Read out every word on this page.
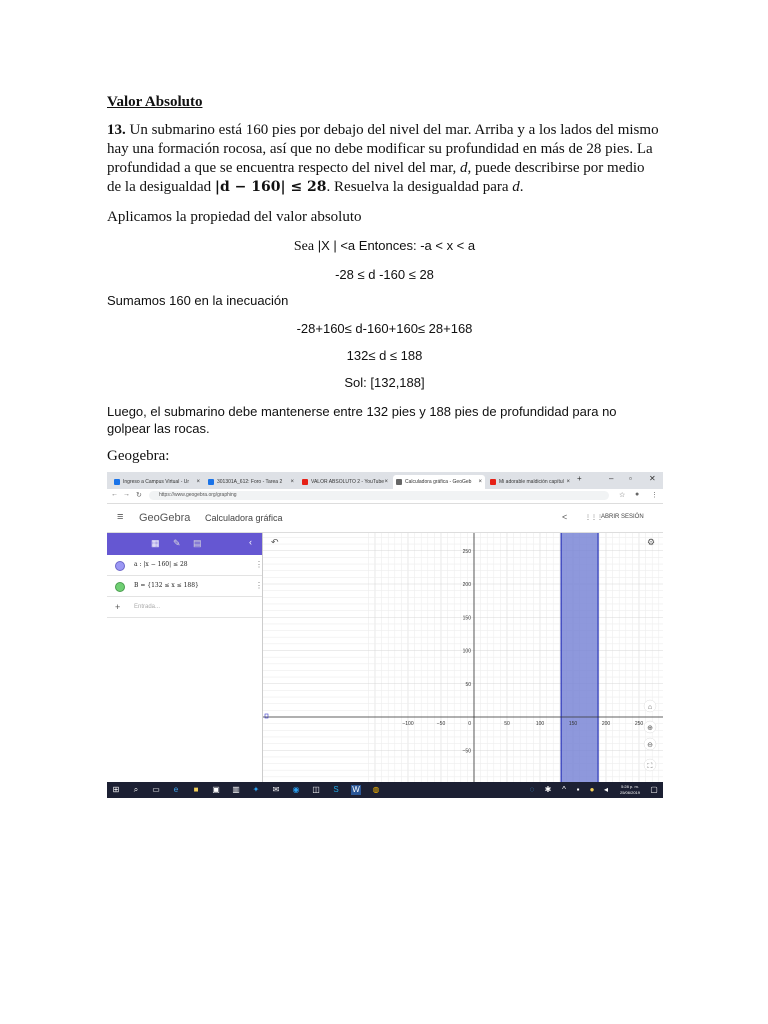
Valor Absoluto
13. Un submarino está 160 pies por debajo del nivel del mar. Arriba y a los lados del mismo hay una formación rocosa, así que no debe modificar su profundidad en más de 28 pies. La profundidad a que se encuentra respecto del nivel del mar, d, puede describirse por medio de la desigualdad |d − 160| ≤ 28. Resuelva la desigualdad para d.
Aplicamos la propiedad del valor absoluto
Sea |X | <a Entonces: -a < x < a
-28 ≤ d -160 ≤ 28
Sumamos 160 en la inecuación
-28+160≤ d-160+160≤ 28+168
132≤ d ≤ 188
Sol: [132,188]
Luego, el submarino debe mantenerse entre 132 pies y 188 pies de profundidad para no golpear las rocas.
Geogebra:
Ingreso a Campus Virtual - Ur ×	301301A_612: Foro - Tarea 2 ×	VALOR ABSOLUTO 2 - YouTube ×	Calculadora gráfica - GeoGeb ×	Mi adorable maldición capítul × +	– ▫ ✕
← → ↻	https://www.geogebra.org/graphing	☆ ● ⋮
≡ GeoGebra Calculadora gráfica	<	⋮⋮⋮
ABRIR SESIÓN
▦ ✎ ▤	‹
a : |x − 160| ≤ 28	⋮
B = {132 ≤ x ≤ 188}	⋮
+ Entrada...
−100	−50	50	100	150	200	250
250
200
150
100
50
−50
0
↶	⚙
⌂
⊕
⊖
⛶
⊞	⌕	▭	e	■	▣ ▥ ✦ ✉ ◉ ◫ S W ◍	◌	✱	^	▪	●	◂	5:28 p. m.
25/06/2019	▢
